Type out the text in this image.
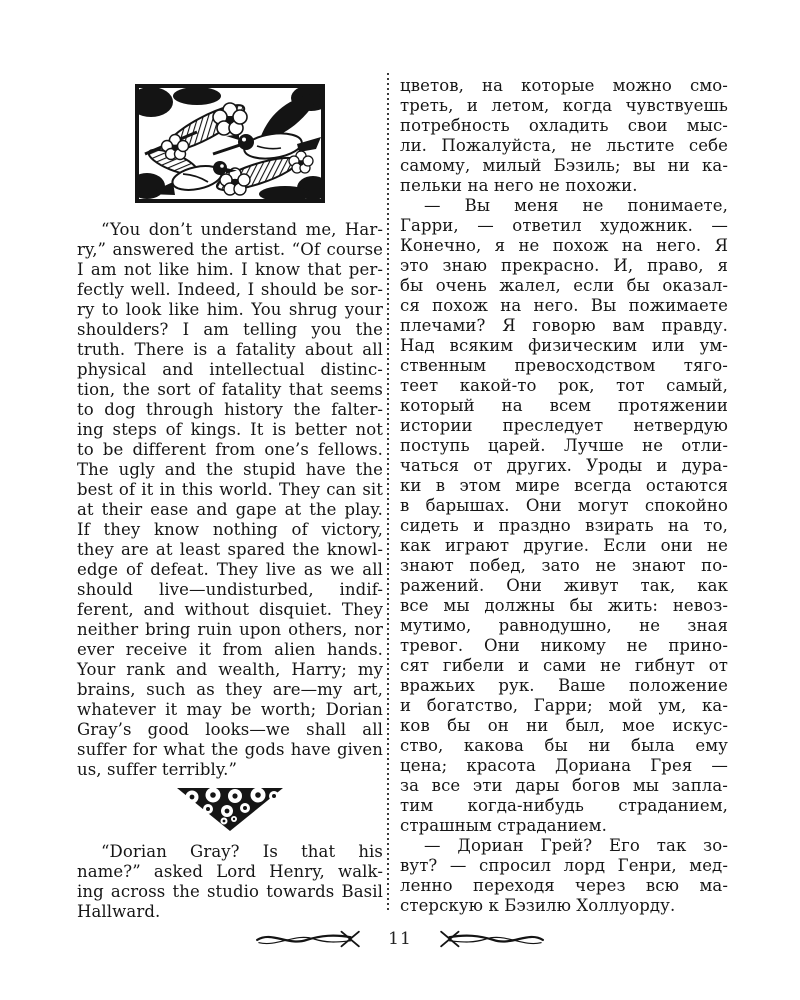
“You don’t understand me, Har-
ry,” answered the artist. “Of course
I am not like him. I know that per-
fectly well. Indeed, I should be sor-
ry to look like him. You shrug your
shoulders? I am telling you the
truth. There is a fatality about all
physical and intellectual distinc-
tion, the sort of fatality that seems
to dog through history the falter-
ing steps of kings. It is better not
to be different from one’s fellows.
The ugly and the stupid have the
best of it in this world. They can sit
at their ease and gape at the play.
If they know nothing of victory,
they are at least spared the knowl-
edge of defeat. They live as we all
should live—undisturbed, indif-
ferent, and without disquiet. They
neither bring ruin upon others, nor
ever receive it from alien hands.
Your rank and wealth, Harry; my
brains, such as they are—my art,
whatever it may be worth; Dorian
Gray’s good looks—we shall all
suffer for what the gods have given
us, suffer terribly.”
“Dorian Gray? Is that his
name?” asked Lord Henry, walk-
ing across the studio towards Basil
Hallward.
цветов, на которые можно смо-
треть, и летом, когда чувствуешь
потребность охладить свои мыс-
ли. Пожалуйста, не льстите себе
самому, милый Бэзиль; вы ни ка-
пельки на него не похожи.
— Вы меня не понимаете,
Гарри, — ответил художник. —
Конечно, я не похож на него. Я
это знаю прекрасно. И, право, я
бы очень жалел, если бы оказал-
ся похож на него. Вы пожимаете
плечами? Я говорю вам правду.
Над всяким физическим или ум-
ственным превосходством тяго-
теет какой-то рок, тот самый,
который на всем протяжении
истории преследует нетвердую
поступь царей. Лучше не отли-
чаться от других. Уроды и дура-
ки в этом мире всегда остаются
в барышах. Они могут спокойно
сидеть и праздно взирать на то,
как играют другие. Если они не
знают побед, зато не знают по-
ражений. Они живут так, как
все мы должны бы жить: невоз-
мутимо, равнодушно, не зная
тревог. Они никому не прино-
сят гибели и сами не гибнут от
вражьих рук. Ваше положение
и богатство, Гарри; мой ум, ка-
ков бы он ни был, мое искус-
ство, какова бы ни была ему
цена; красота Дориана Грея —
за все эти дары богов мы запла-
тим когда-нибудь страданием,
страшным страданием.
— Дориан Грей? Его так зо-
вут? — спросил лорд Генри, мед-
ленно переходя через всю ма-
стерскую к Бэзилю Холлуорду.
11
